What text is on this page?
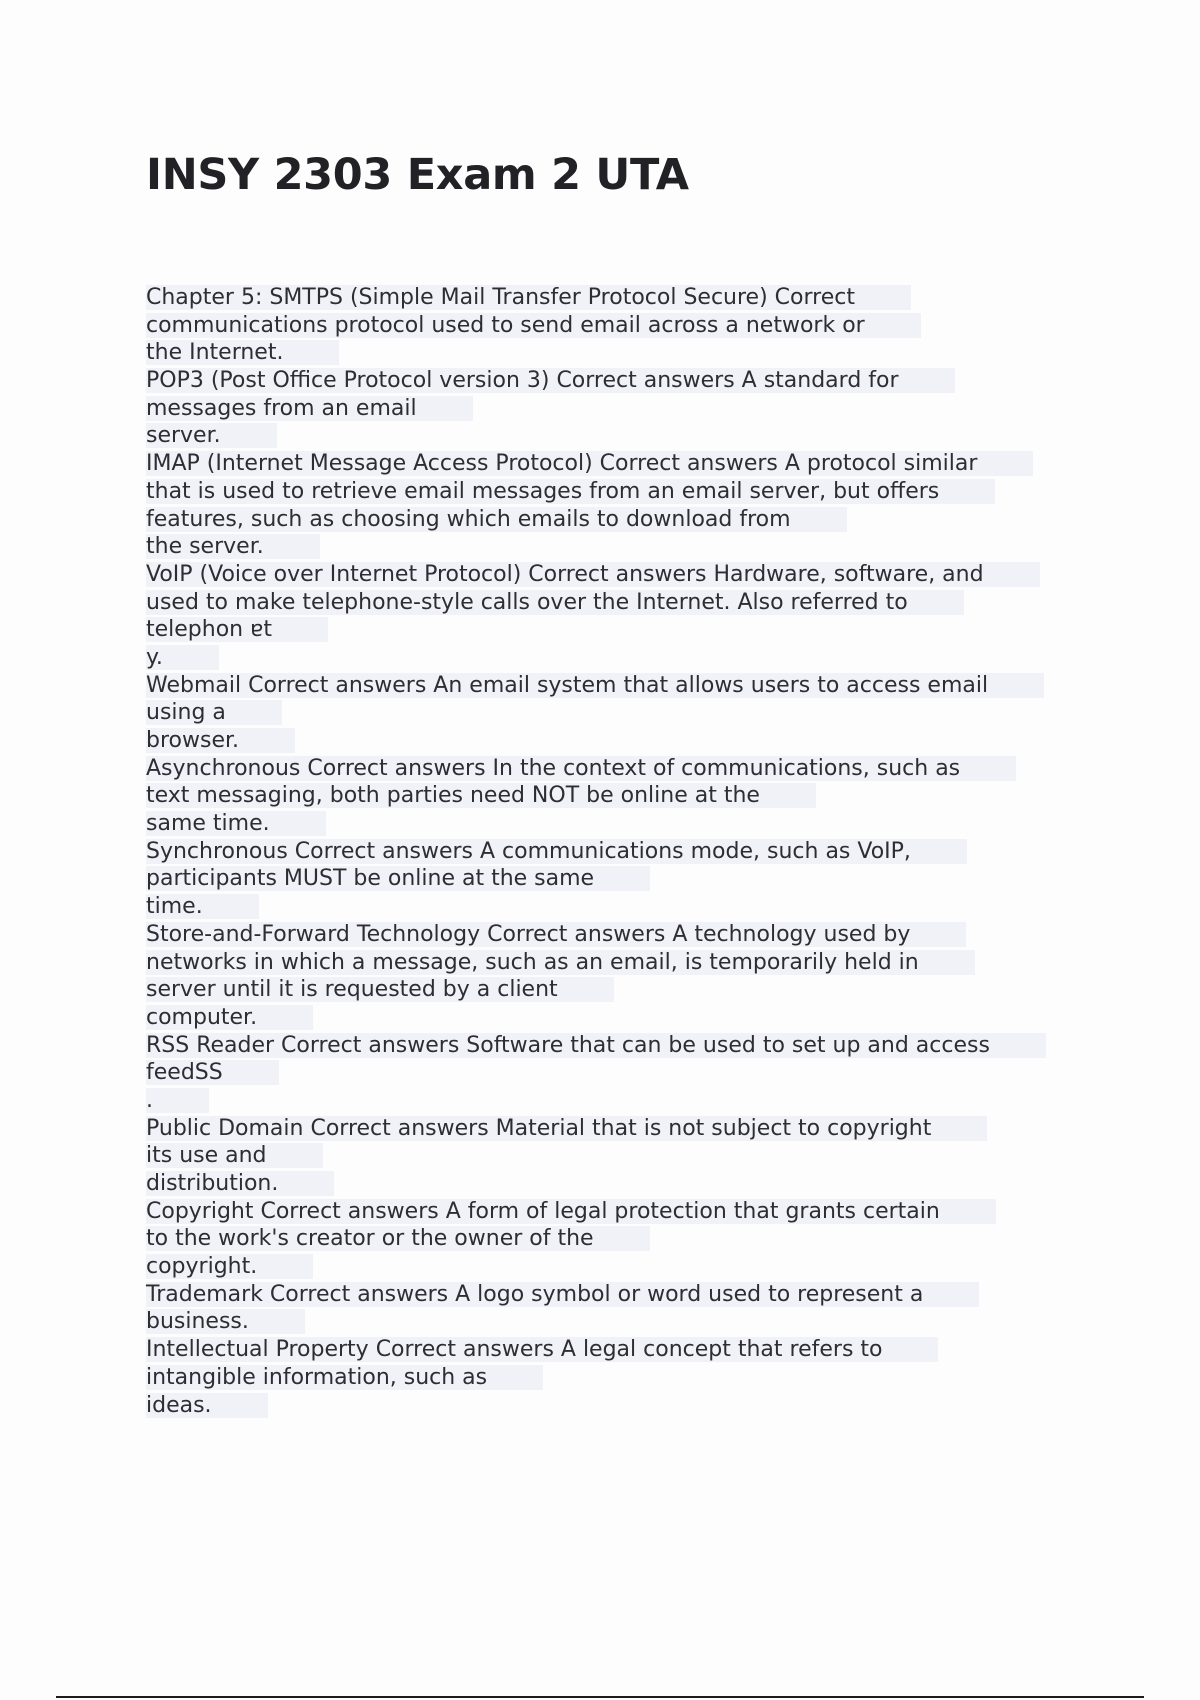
INSY 2303 Exam 2 UTA
Chapter 5: SMTPS (Simple Mail Transfer Protocol Secure) Correct
communications protocol used to send email across a network or
the Internet.
POP3 (Post Office Protocol version 3) Correct answers A standard for
messages from an email
server.
IMAP (Internet Message Access Protocol) Correct answers A protocol similar
that is used to retrieve email messages from an email server, but offers
features, such as choosing which emails to download from
the server.
VoIP (Voice over Internet Protocol) Correct answers Hardware, software, and
used to make telephone-style calls over the Internet. Also referred to
telephon ɐt
y.
Webmail Correct answers An email system that allows users to access email
using a
browser.
Asynchronous Correct answers In the context of communications, such as
text messaging, both parties need NOT be online at the
same time.
Synchronous Correct answers A communications mode, such as VoIP,
participants MUST be online at the same
time.
Store-and-Forward Technology Correct answers A technology used by
networks in which a message, such as an email, is temporarily held in
server until it is requested by a client
computer.
RSS Reader Correct answers Software that can be used to set up and access
feedSS
.
Public Domain Correct answers Material that is not subject to copyright
its use and
distribution.
Copyright Correct answers A form of legal protection that grants certain
to the work's creator or the owner of the
copyright.
Trademark Correct answers A logo symbol or word used to represent a
business.
Intellectual Property Correct answers A legal concept that refers to
intangible information, such as
ideas.
